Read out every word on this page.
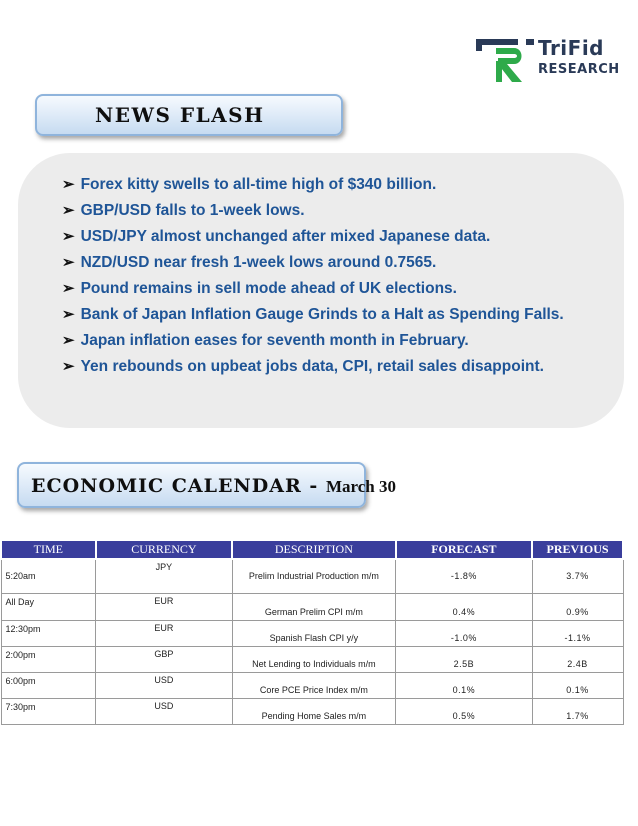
TriFid
RESEARCH
NEWS FLASH
➢ Forex kitty swells to all-time high of $340 billion.
➢ GBP/USD falls to 1-week lows.
➢ USD/JPY almost unchanged after mixed Japanese data.
➢ NZD/USD near fresh 1-week lows around 0.7565.
➢ Pound remains in sell mode ahead of UK elections.
➢ Bank of Japan Inflation Gauge Grinds to a Halt as Spending Falls.
➢ Japan inflation eases for seventh month in February.
➢ Yen rebounds on upbeat jobs data, CPI, retail sales disappoint.
ECONOMIC CALENDAR - March 30
TIME	CURRENCY	DESCRIPTION	FORECAST	PREVIOUS
5:20am	JPY	Prelim Industrial Production m/m	-1.8%	3.7%
All Day	EUR	German Prelim CPI m/m	0.4%	0.9%
12:30pm	EUR	Spanish Flash CPI y/y	-1.0%	-1.1%
2:00pm	GBP	Net Lending to Individuals m/m	2.5B	2.4B
6:00pm	USD	Core PCE Price Index m/m	0.1%	0.1%
7:30pm	USD	Pending Home Sales m/m	0.5%	1.7%
